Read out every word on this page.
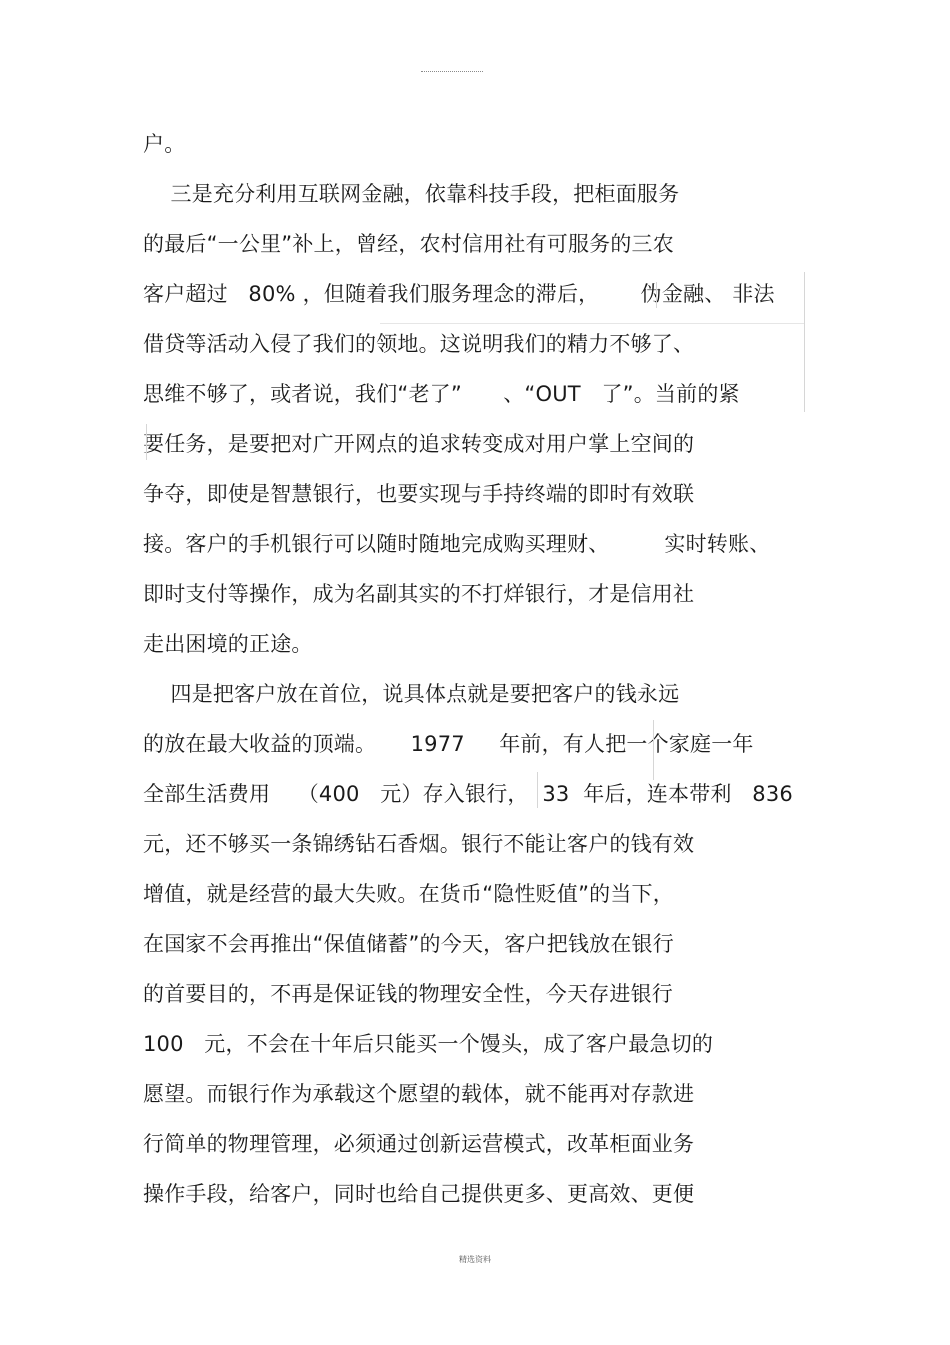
户。
三是充分利用互联网金融，依靠科技手段，把柜面服务
的最后“一公里”补上，曾经，农村信用社有可服务的三农
客户超过   80% ，但随着我们服务理念的滞后，      伪金融、 非法
借贷等活动入侵了我们的领地。这说明我们的精力不够了、
思维不够了，或者说，我们“老了”      、“OUT   了”。当前的紧
要任务，是要把对广开网点的追求转变成对用户掌上空间的
争夺，即使是智慧银行，也要实现与手持终端的即时有效联
接。客户的手机银行可以随时随地完成购买理财、        实时转账、
即时支付等操作，成为名副其实的不打烊银行，才是信用社
走出困境的正途。
四是把客户放在首位，说具体点就是要把客户的钱永远
的放在最大收益的顶端。     1977     年前，有人把一个家庭一年
全部生活费用    （400   元）存入银行，  33  年后，连本带利   836
元，还不够买一条锦绣钻石香烟。银行不能让客户的钱有效
增值，就是经营的最大失败。在货币“隐性贬值”的当下，
在国家不会再推出“保值储蓄”的今天，客户把钱放在银行
的首要目的，不再是保证钱的物理安全性，今天存进银行
100   元，不会在十年后只能买一个馒头，成了客户最急切的
愿望。而银行作为承载这个愿望的载体，就不能再对存款进
行简单的物理管理，必须通过创新运营模式，改革柜面业务
操作手段，给客户，同时也给自己提供更多、更高效、更便
精选资料
